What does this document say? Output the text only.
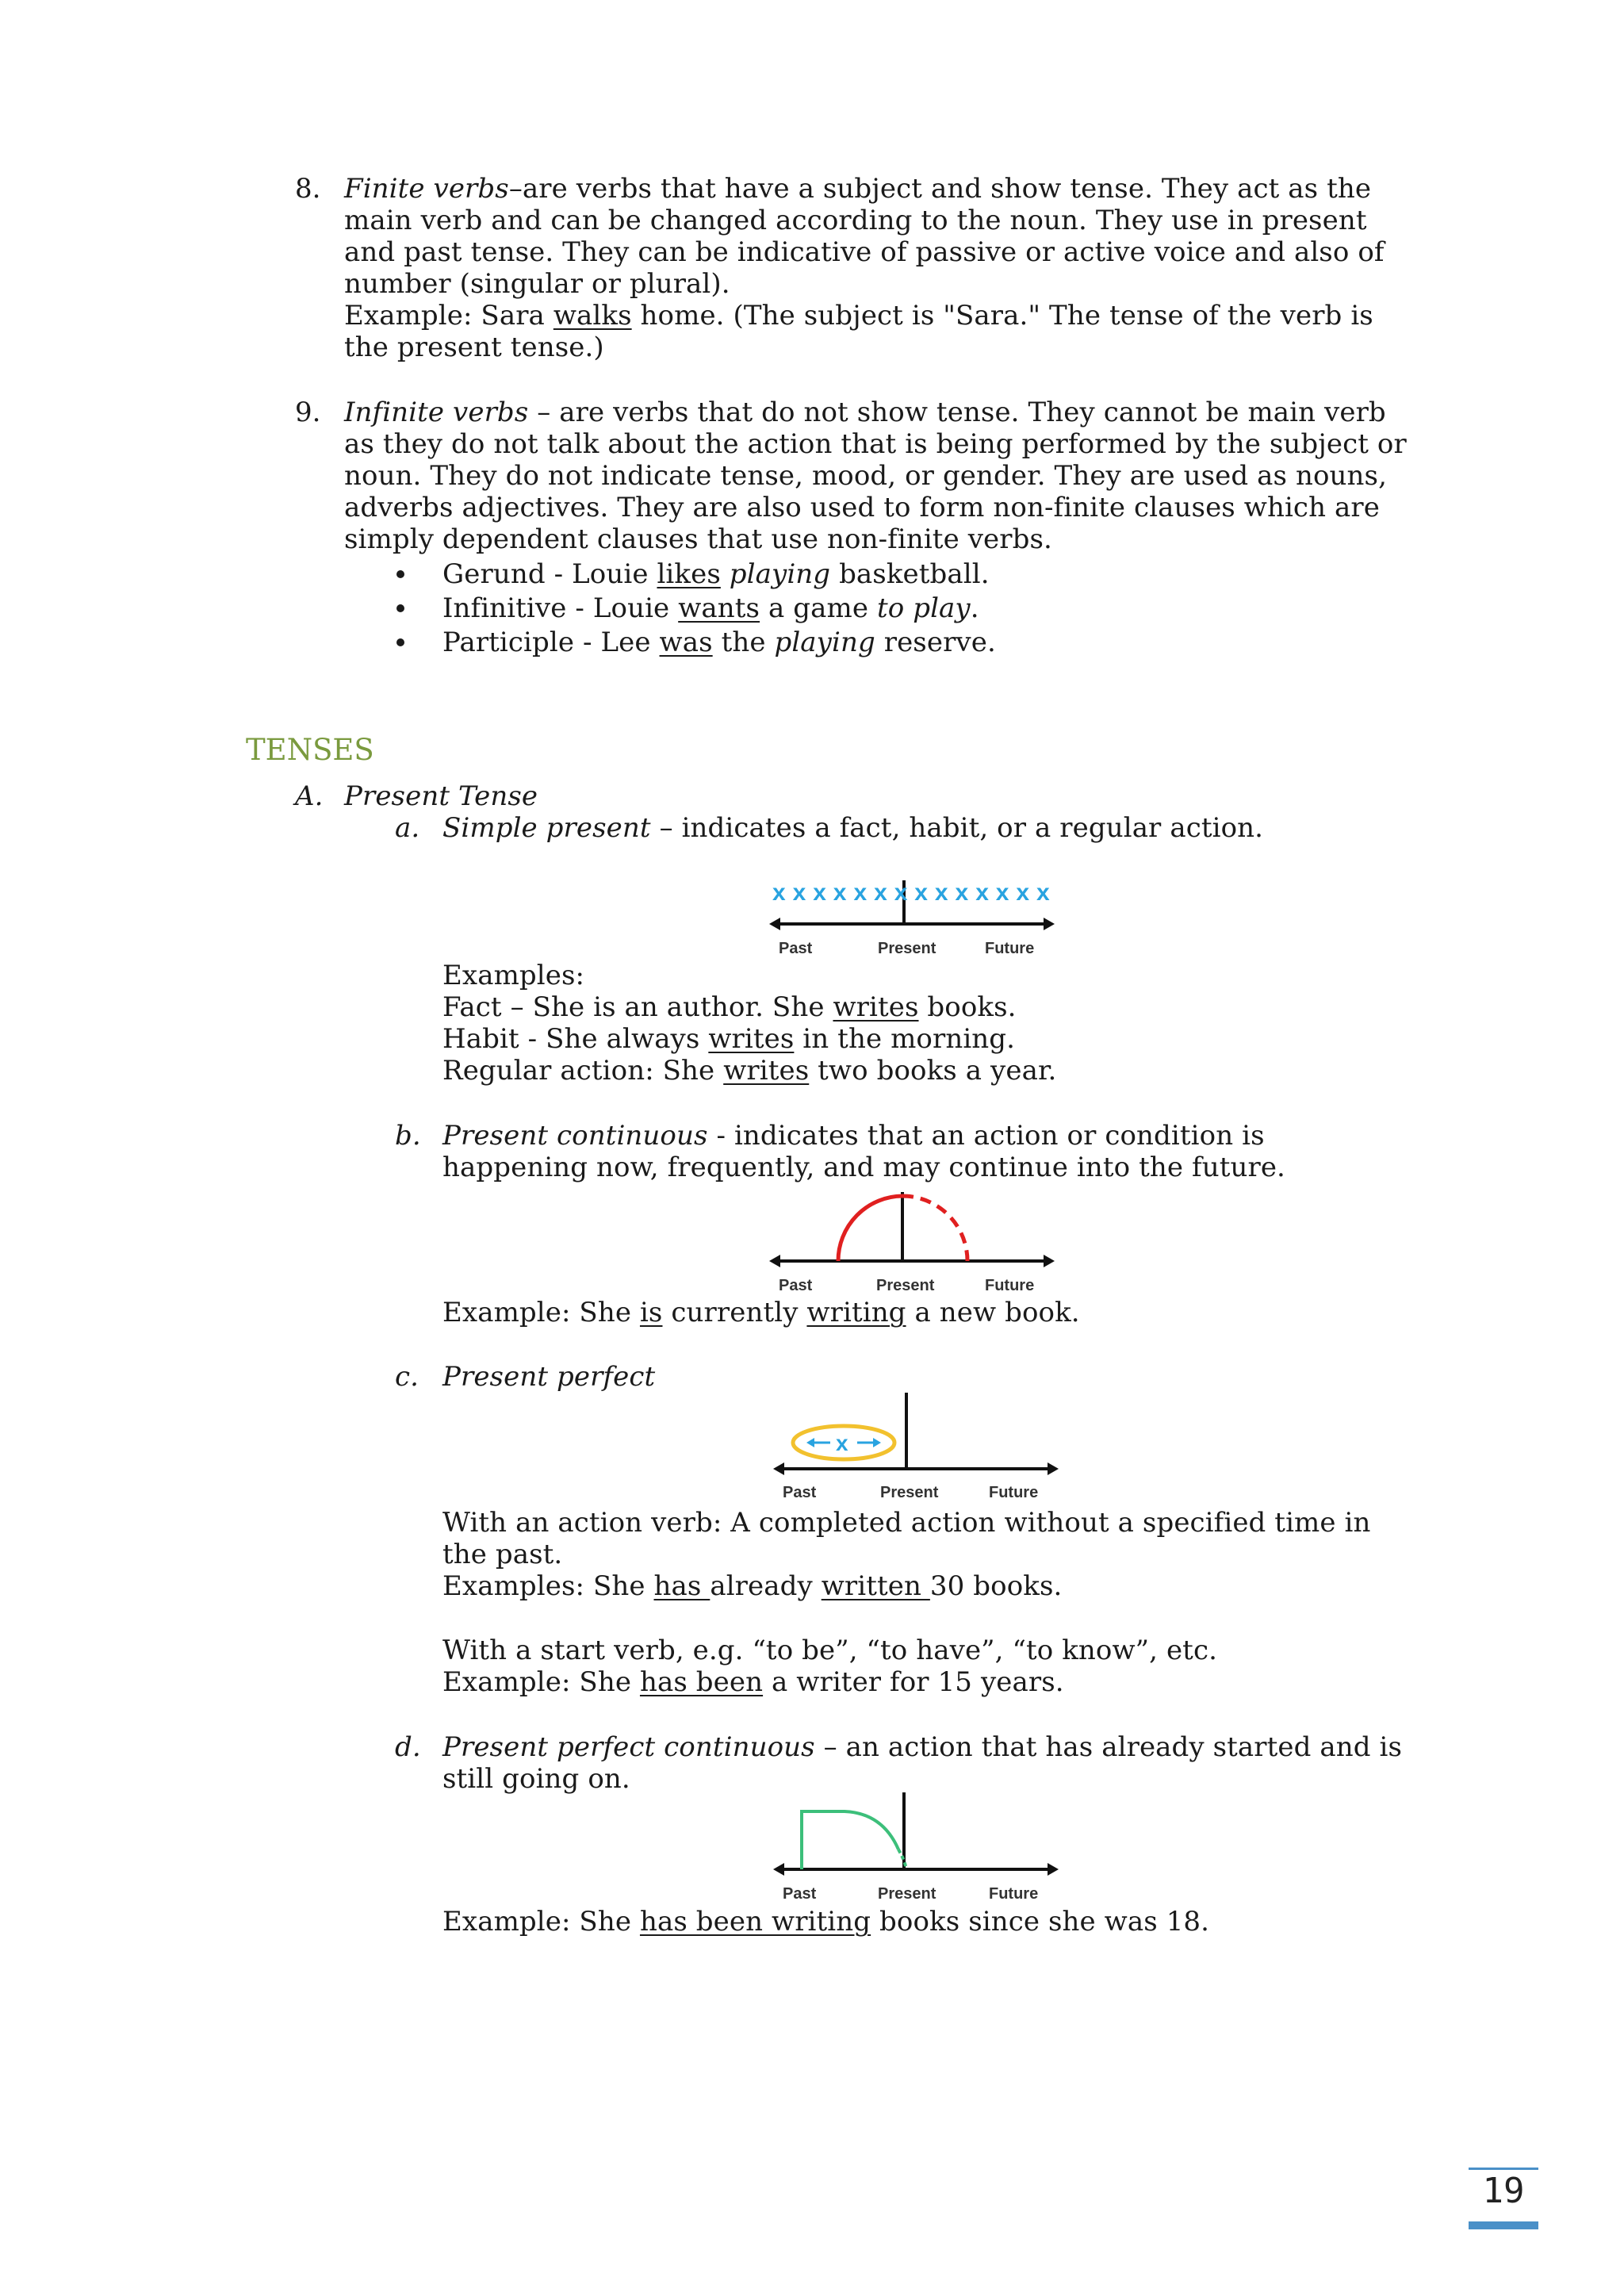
8. Finite verbs–are verbs that have a subject and show tense. They act as the
main verb and can be changed according to the noun. They use in present
and past tense. They can be indicative of passive or active voice and also of
number (singular or plural).
Example: Sara walks home. (The subject is "Sara." The tense of the verb is
the present tense.)
9. Infinite verbs – are verbs that do not show tense. They cannot be main verb
as they do not talk about the action that is being performed by the subject or
noun. They do not indicate tense, mood, or gender. They are used as nouns,
adverbs adjectives. They are also used to form non-finite clauses which are
simply dependent clauses that use non-finite verbs.
Gerund - Louie likes playing basketball.
Infinitive - Louie wants a game to play.
Participle - Lee was the playing reserve.
TENSES
A. Present Tense
a. Simple present – indicates a fact, habit, or a regular action.
x x x x x x x x x x x x x x
Past	Present	Future
Examples:
Fact – She is an author. She writes books.
Habit - She always writes in the morning.
Regular action: She writes two books a year.
b. Present continuous - indicates that an action or condition is
happening now, frequently, and may continue into the future.
Past	Present	Future
Example: She is currently writing a new book.
c. Present perfect
x
Past	Present	Future
With an action verb: A completed action without a specified time in
the past.
Examples: She has already written 30 books.
With a start verb, e.g. “to be”, “to have”, “to know”, etc.
Example: She has been a writer for 15 years.
d. Present perfect continuous – an action that has already started and is
still going on.
Past	Present	Future
Example: She has been writing books since she was 18.
19
